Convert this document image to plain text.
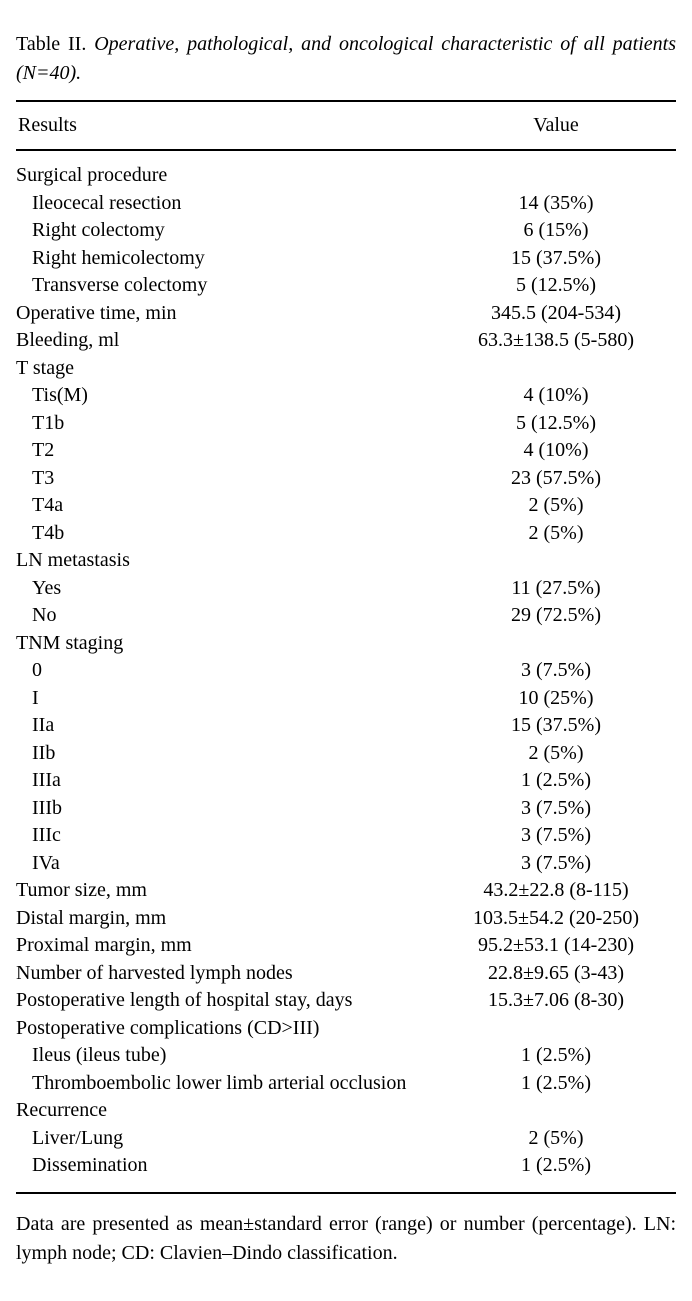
Table II. Operative, pathological, and oncological characteristic of all patients (N=40).
Results	Value
Surgical procedure	
Ileocecal resection	14 (35%)
Right colectomy	6 (15%)
Right hemicolectomy	15 (37.5%)
Transverse colectomy	5 (12.5%)
Operative time, min	345.5 (204-534)
Bleeding, ml	63.3±138.5 (5-580)
T stage	
Tis(M)	4 (10%)
T1b	5 (12.5%)
T2	4 (10%)
T3	23 (57.5%)
T4a	2 (5%)
T4b	2 (5%)
LN metastasis	
Yes	11 (27.5%)
No	29 (72.5%)
TNM staging	
0	3 (7.5%)
I	10 (25%)
IIa	15 (37.5%)
IIb	2 (5%)
IIIa	1 (2.5%)
IIIb	3 (7.5%)
IIIc	3 (7.5%)
IVa	3 (7.5%)
Tumor size, mm	43.2±22.8 (8-115)
Distal margin, mm	103.5±54.2 (20-250)
Proximal margin, mm	95.2±53.1 (14-230)
Number of harvested lymph nodes	22.8±9.65 (3-43)
Postoperative length of hospital stay, days	15.3±7.06 (8-30)
Postoperative complications (CD>III)	
Ileus (ileus tube)	1 (2.5%)
Thromboembolic lower limb arterial occlusion	1 (2.5%)
Recurrence	
Liver/Lung	2 (5%)
Dissemination	1 (2.5%)
Data are presented as mean±standard error (range) or number (percentage). LN: lymph node; CD: Clavien–Dindo classification.
